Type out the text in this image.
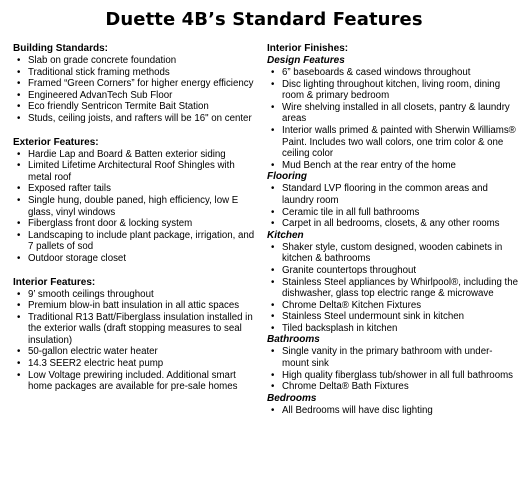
Duette 4B’s Standard Features
Building Standards:
• Slab on grade concrete foundation
• Traditional stick framing methods
• Framed “Green Corners” for higher energy efficiency
• Engineered AdvanTech Sub Floor
• Eco friendly Sentricon Termite Bait Station
• Studs, ceiling joists, and rafters will be 16" on center
Exterior Features:
• Hardie Lap and Board & Batten exterior siding
• Limited Lifetime Architectural Roof Shingles with metal roof
• Exposed rafter tails
• Single hung, double paned, high efficiency, low E glass, vinyl windows
• Fiberglass front door & locking system
• Landscaping to include plant package, irrigation, and 7 pallets of sod
• Outdoor storage closet
Interior Features:
• 9’ smooth ceilings throughout
• Premium blow-in batt insulation in all attic spaces
• Traditional R13 Batt/Fiberglass insulation installed in the exterior walls (draft stopping measures to seal insulation)
• 50-gallon electric water heater
• 14.3 SEER2 electric heat pump
• Low Voltage prewiring included. Additional smart home packages are available for pre-sale homes
Interior Finishes:
Design Features
• 6” baseboards & cased windows throughout
• Disc lighting throughout kitchen, living room, dining room & primary bedroom
• Wire shelving installed in all closets, pantry & laundry areas
• Interior walls primed & painted with Sherwin Williams® Paint. Includes two wall colors, one trim color & one ceiling color
• Mud Bench at the rear entry of the home
Flooring
• Standard LVP flooring in the common areas and laundry room
• Ceramic tile in all full bathrooms
• Carpet in all bedrooms, closets, & any other rooms
Kitchen
• Shaker style, custom designed, wooden cabinets in kitchen & bathrooms
• Granite countertops throughout
• Stainless Steel appliances by Whirlpool®, including the dishwasher, glass top electric range & microwave
• Chrome Delta® Kitchen Fixtures
• Stainless Steel undermount sink in kitchen
• Tiled backsplash in kitchen
Bathrooms
• Single vanity in the primary bathroom with under-mount sink
• High quality fiberglass tub/shower in all full bathrooms
• Chrome Delta® Bath Fixtures
Bedrooms
• All Bedrooms will have disc lighting
